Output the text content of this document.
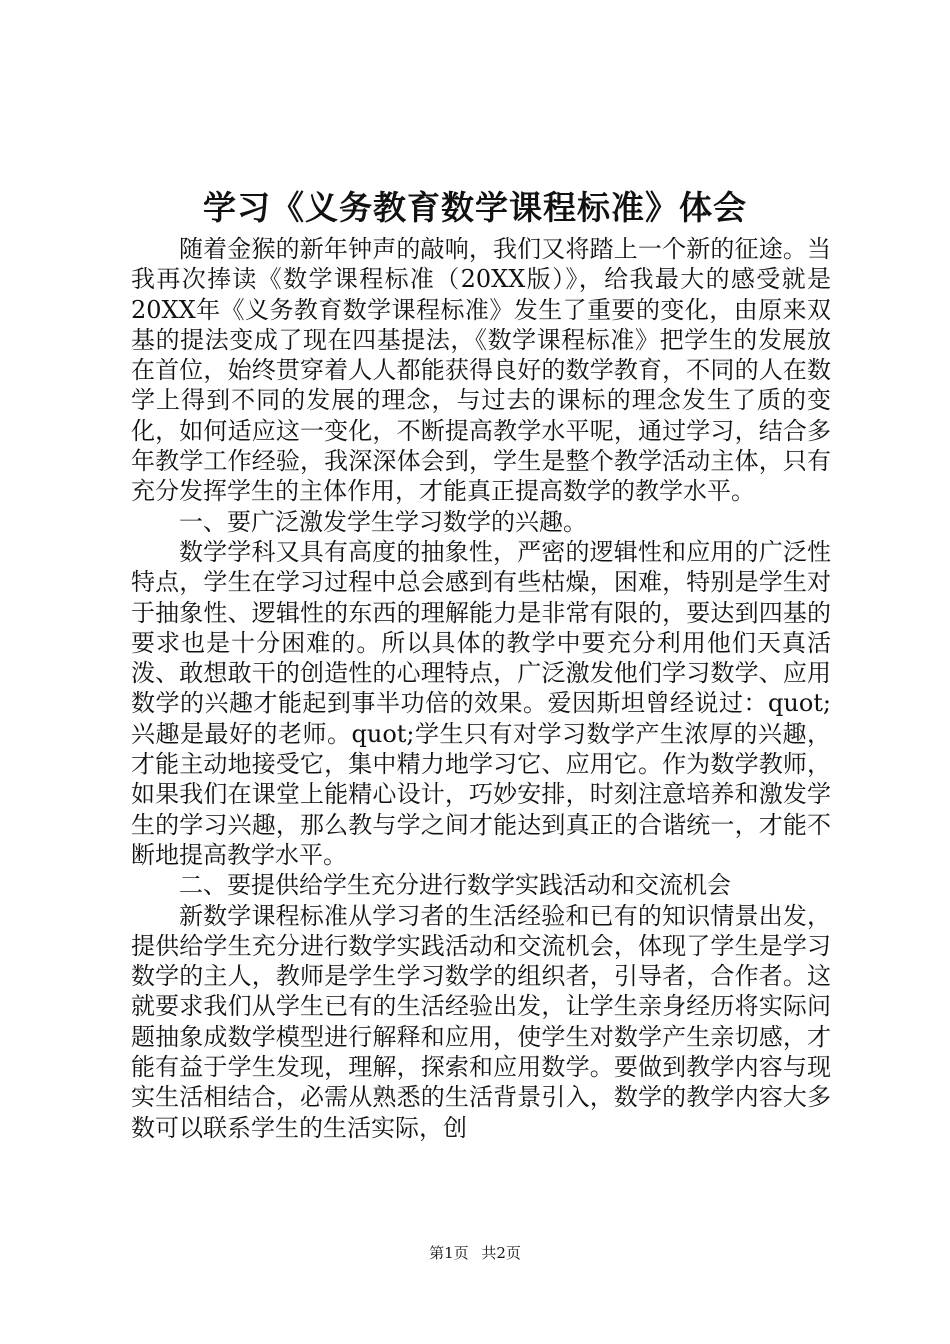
学习《义务教育数学课程标准》体会

随着金猴的新年钟声的敲响，我们又将踏上一个新的征途。当我再次捧读《数学课程标准（20XX版）》，给我最大的感受就是20XX年《义务教育数学课程标准》发生了重要的变化，由原来双基的提法变成了现在四基提法，《数学课程标准》把学生的发展放在首位，始终贯穿着人人都能获得良好的数学教育，不同的人在数学上得到不同的发展的理念，与过去的课标的理念发生了质的变化，如何适应这一变化，不断提高教学水平呢，通过学习，结合多年教学工作经验，我深深体会到，学生是整个教学活动主体，只有充分发挥学生的主体作用，才能真正提高数学的教学水平。

一、要广泛激发学生学习数学的兴趣。

数学学科又具有高度的抽象性，严密的逻辑性和应用的广泛性特点，学生在学习过程中总会感到有些枯燥，困难，特别是学生对于抽象性、逻辑性的东西的理解能力是非常有限的，要达到四基的要求也是十分困难的。所以具体的教学中要充分利用他们天真活泼、敢想敢干的创造性的心理特点，广泛激发他们学习数学、应用数学的兴趣才能起到事半功倍的效果。爱因斯坦曾经说过：quot;兴趣是最好的老师。quot;学生只有对学习数学产生浓厚的兴趣，才能主动地接受它，集中精力地学习它、应用它。作为数学教师，如果我们在课堂上能精心设计，巧妙安排，时刻注意培养和激发学生的学习兴趣，那么教与学之间才能达到真正的合谐统一，才能不断地提高教学水平。

二、要提供给学生充分进行数学实践活动和交流机会

新数学课程标准从学习者的生活经验和已有的知识情景出发，提供给学生充分进行数学实践活动和交流机会，体现了学生是学习数学的主人，教师是学生学习数学的组织者，引导者，合作者。这就要求我们从学生已有的生活经验出发，让学生亲身经历将实际问题抽象成数学模型进行解释和应用，使学生对数学产生亲切感，才能有益于学生发现，理解，探索和应用数学。要做到教学内容与现实生活相结合，必需从熟悉的生活背景引入，数学的教学内容大多数可以联系学生的生活实际，创

第1页 共2页
